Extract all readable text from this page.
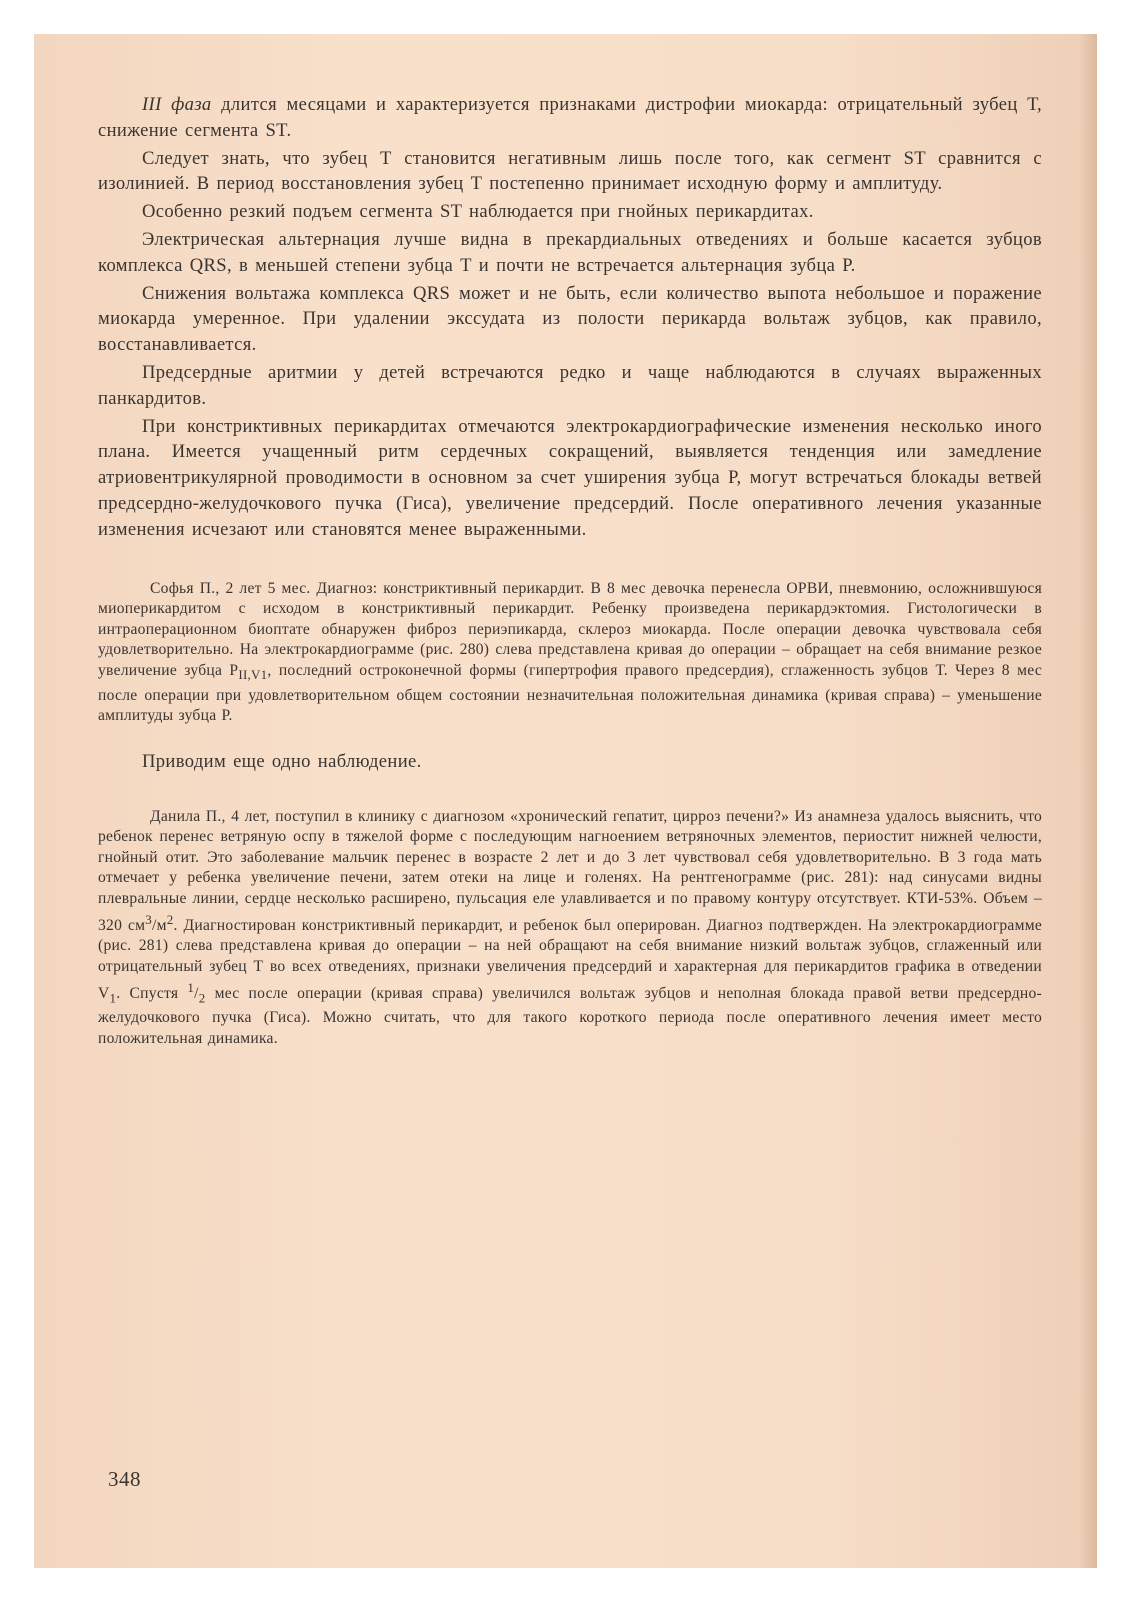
III фаза длится месяцами и характеризуется признаками дистрофии миокарда: отрицательный зубец Т, снижение сегмента ST.

Следует знать, что зубец Т становится негативным лишь после того, как сегмент ST сравнится с изолинией. В период восстановления зубец Т постепенно принимает исходную форму и амплитуду.

Особенно резкий подъем сегмента ST наблюдается при гнойных перикардитах.

Электрическая альтернация лучше видна в прекардиальных отведениях и больше касается зубцов комплекса QRS, в меньшей степени зубца Т и почти не встречается альтернация зубца Р.

Снижения вольтажа комплекса QRS может и не быть, если количество выпота небольшое и поражение миокарда умеренное. При удалении экссудата из полости перикарда вольтаж зубцов, как правило, восстанавливается.

Предсердные аритмии у детей встречаются редко и чаще наблюдаются в случаях выраженных панкардитов.

При констриктивных перикардитах отмечаются электрокардиографические изменения несколько иного плана. Имеется учащенный ритм сердечных сокращений, выявляется тенденция или замедление атриовентрикулярной проводимости в основном за счет уширения зубца Р, могут встречаться блокады ветвей предсердно-желудочкового пучка (Гиса), увеличение предсердий. После оперативного лечения указанные изменения исчезают или становятся менее выраженными.

Софья П., 2 лет 5 мес. Диагноз: констриктивный перикардит. В 8 мес девочка перенесла ОРВИ, пневмонию, осложнившуюся миоперикардитом с исходом в констриктивный перикардит. Ребенку произведена перикардэктомия. Гистологически в интраоперационном биоптате обнаружен фиброз периэпикарда, склероз миокарда. После операции девочка чувствовала себя удовлетворительно. На электрокардиограмме (рис. 280) слева представлена кривая до операции – обращает на себя внимание резкое увеличение зубца $P_{II,V1}$, последний остроконечной формы (гипертрофия правого предсердия), сглаженность зубцов Т. Через 8 мес после операции при удовлетворительном общем состоянии незначительная положительная динамика (кривая справа) – уменьшение амплитуды зубца Р.

Приводим еще одно наблюдение.

Данила П., 4 лет, поступил в клинику с диагнозом «хронический гепатит, цирроз печени?» Из анамнеза удалось выяснить, что ребенок перенес ветряную оспу в тяжелой форме с последующим нагноением ветряночных элементов, периостит нижней челюсти, гнойный отит. Это заболевание мальчик перенес в возрасте 2 лет и до 3 лет чувствовал себя удовлетворительно. В 3 года мать отмечает у ребенка увеличение печени, затем отеки на лице и голенях. На рентгенограмме (рис. 281): над синусами видны плевральные линии, сердце несколько расширено, пульсация еле улавливается и по правому контуру отсутствует. КТИ-53%. Объем – 320 $см^3/м^2$. Диагностирован констриктивный перикардит, и ребенок был оперирован. Диагноз подтвержден. На электрокардиограмме (рис. 281) слева представлена кривая до операции – на ней обращают на себя внимание низкий вольтаж зубцов, сглаженный или отрицательный зубец Т во всех отведениях, признаки увеличения предсердий и характерная для перикардитов графика в отведении $V_1$. Спустя $^1/_2$ мес после операции (кривая справа) увеличился вольтаж зубцов и неполная блокада правой ветви предсердно-желудочкового пучка (Гиса). Можно считать, что для такого короткого периода после оперативного лечения имеет место положительная динамика.

348
